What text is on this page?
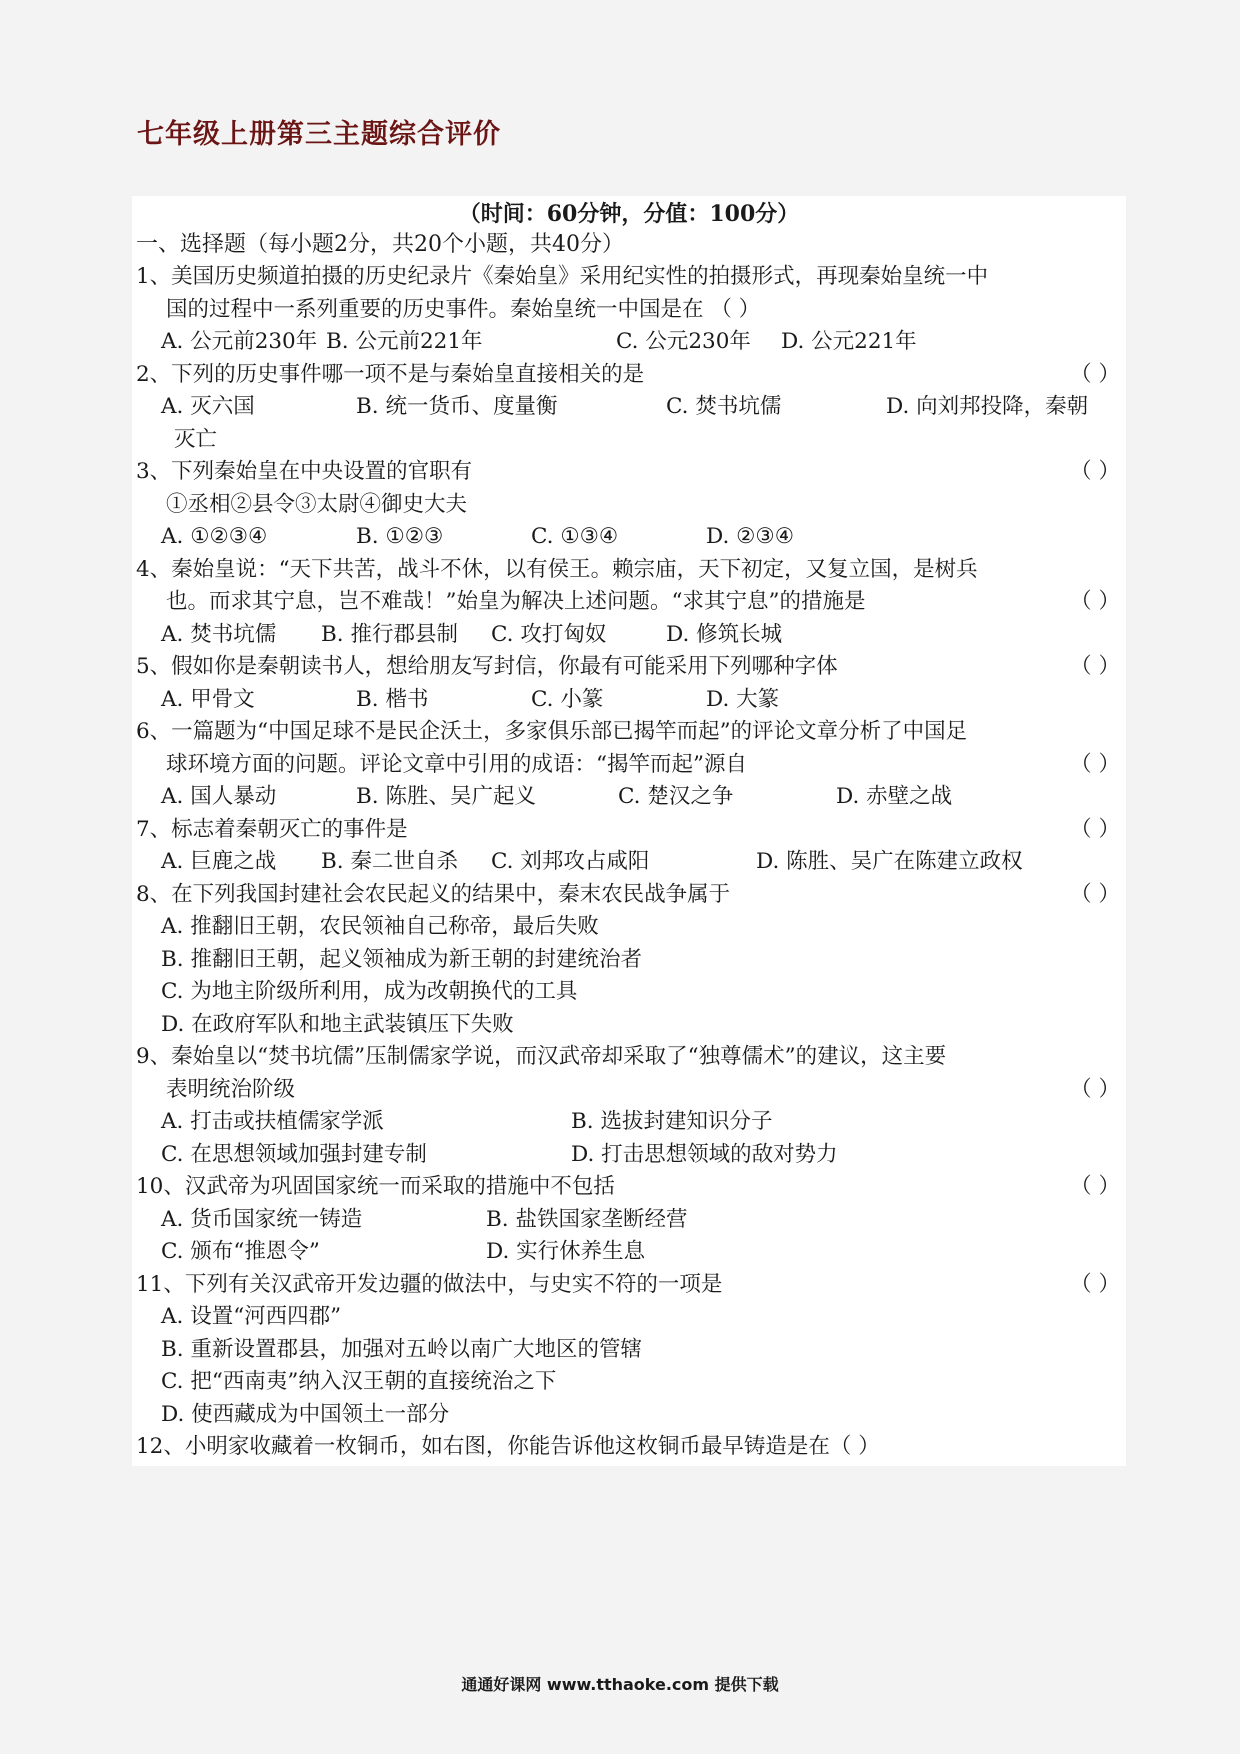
七年级上册第三主题综合评价
（时间：60分钟，分值：100分）
一、选择题（每小题2分，共20个小题，共40分）
1、美国历史频道拍摄的历史纪录片《秦始皇》采用纪实性的拍摄形式，再现秦始皇统一中
国的过程中一系列重要的历史事件。秦始皇统一中国是在 （ ）
A. 公元前230年 B. 公元前221年	C. 公元230年	D. 公元221年
2、下列的历史事件哪一项不是与秦始皇直接相关的是	（ ）
A. 灭六国	B. 统一货币、度量衡	C. 焚书坑儒	D. 向刘邦投降，秦朝
灭亡
3、下列秦始皇在中央设置的官职有	（ ）
①丞相②县令③太尉④御史大夫
A. ①②③④	B. ①②③	C. ①③④	D. ②③④
4、秦始皇说：“天下共苦，战斗不休，以有侯王。赖宗庙，天下初定，又复立国，是树兵
也。而求其宁息，岂不难哉！”始皇为解决上述问题。“求其宁息”的措施是	（ ）
A. 焚书坑儒	B. 推行郡县制	C. 攻打匈奴	D. 修筑长城
5、假如你是秦朝读书人，想给朋友写封信，你最有可能采用下列哪种字体	（ ）
A. 甲骨文	B. 楷书	C. 小篆	D. 大篆
6、一篇题为“中国足球不是民企沃土，多家俱乐部已揭竿而起”的评论文章分析了中国足
球环境方面的问题。评论文章中引用的成语：“揭竿而起”源自	（ ）
A. 国人暴动	B. 陈胜、吴广起义	C. 楚汉之争	D. 赤壁之战
7、标志着秦朝灭亡的事件是	（ ）
A. 巨鹿之战	B. 秦二世自杀	C. 刘邦攻占咸阳	D. 陈胜、吴广在陈建立政权
8、在下列我国封建社会农民起义的结果中，秦末农民战争属于	（ ）
A. 推翻旧王朝，农民领袖自己称帝，最后失败
B. 推翻旧王朝，起义领袖成为新王朝的封建统治者
C. 为地主阶级所利用，成为改朝换代的工具
D. 在政府军队和地主武装镇压下失败
9、秦始皇以“焚书坑儒”压制儒家学说，而汉武帝却采取了“独尊儒术”的建议，这主要
表明统治阶级	（ ）
A. 打击或扶植儒家学派	B. 选拔封建知识分子
C. 在思想领域加强封建专制	D. 打击思想领域的敌对势力
10、汉武帝为巩固国家统一而采取的措施中不包括	（ ）
A. 货币国家统一铸造	B. 盐铁国家垄断经营
C. 颁布“推恩令”	D. 实行休养生息
11、下列有关汉武帝开发边疆的做法中，与史实不符的一项是	（ ）
A. 设置“河西四郡”
B. 重新设置郡县，加强对五岭以南广大地区的管辖
C. 把“西南夷”纳入汉王朝的直接统治之下
D. 使西藏成为中国领土一部分
12、小明家收藏着一枚铜币，如右图，你能告诉他这枚铜币最早铸造是在（ ）
通通好课网 www.tthaoke.com 提供下载
